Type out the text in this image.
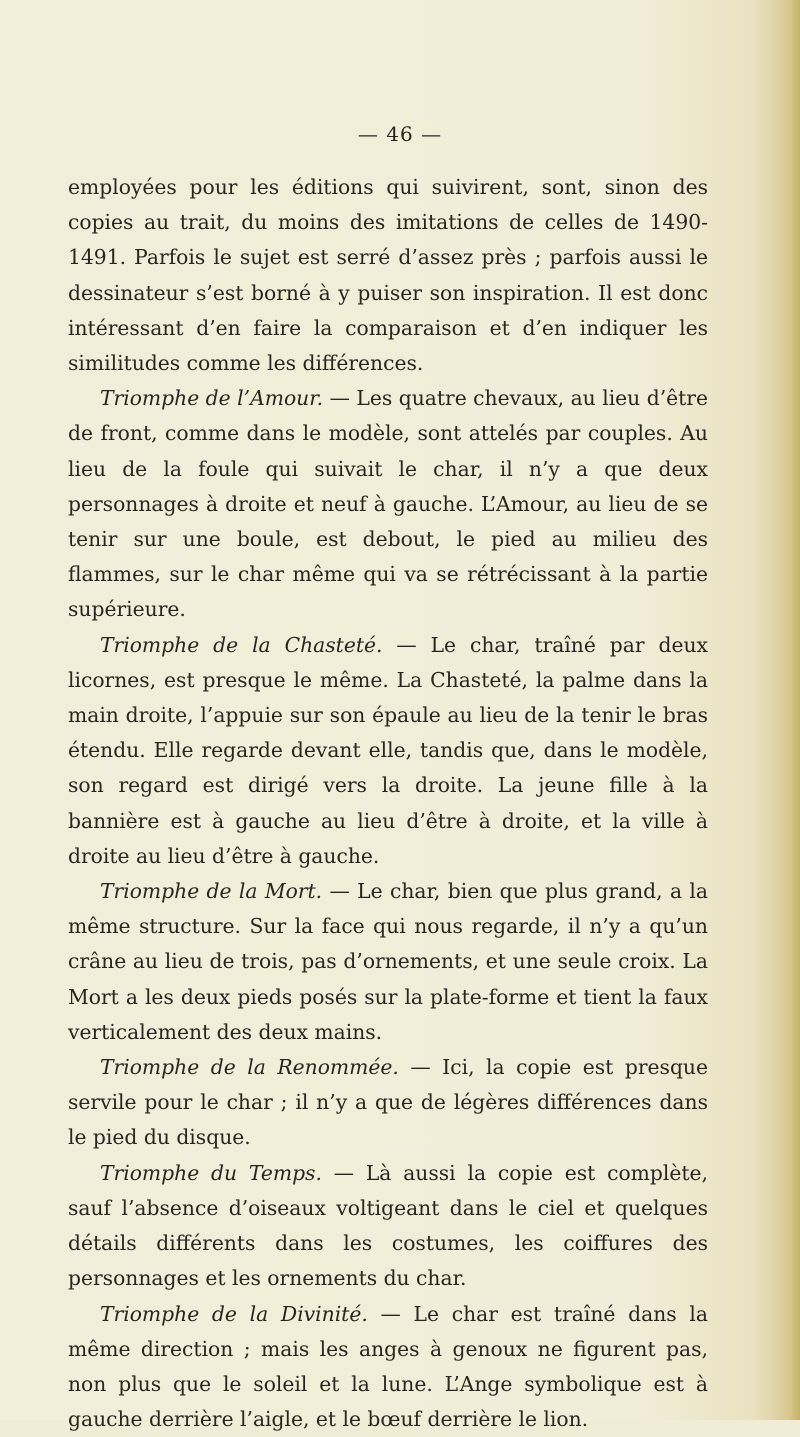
— 46 —

employées pour les éditions qui suivirent, sont, sinon des copies au trait, du moins des imitations de celles de 1490-1491. Parfois le sujet est serré d’assez près ; parfois aussi le dessinateur s’est borné à y puiser son inspiration. Il est donc intéressant d’en faire la comparaison et d’en indiquer les similitudes comme les différences.

Triomphe de l’Amour. — Les quatre chevaux, au lieu d’être de front, comme dans le modèle, sont attelés par couples. Au lieu de la foule qui suivait le char, il n’y a que deux personnages à droite et neuf à gauche. L’Amour, au lieu de se tenir sur une boule, est debout, le pied au milieu des flammes, sur le char même qui va se rétrécissant à la partie supérieure.

Triomphe de la Chasteté. — Le char, traîné par deux licornes, est presque le même. La Chasteté, la palme dans la main droite, l’appuie sur son épaule au lieu de la tenir le bras étendu. Elle regarde devant elle, tandis que, dans le modèle, son regard est dirigé vers la droite. La jeune fille à la bannière est à gauche au lieu d’être à droite, et la ville à droite au lieu d’être à gauche.

Triomphe de la Mort. — Le char, bien que plus grand, a la même structure. Sur la face qui nous regarde, il n’y a qu’un crâne au lieu de trois, pas d’ornements, et une seule croix. La Mort a les deux pieds posés sur la plate-forme et tient la faux verticalement des deux mains.

Triomphe de la Renommée. — Ici, la copie est presque servile pour le char ; il n’y a que de légères différences dans le pied du disque.

Triomphe du Temps. — Là aussi la copie est complète, sauf l’absence d’oiseaux voltigeant dans le ciel et quelques détails différents dans les costumes, les coiffures des personnages et les ornements du char.

Triomphe de la Divinité. — Le char est traîné dans la même direction ; mais les anges à genoux ne figurent pas, non plus que le soleil et la lune. L’Ange symbolique est à gauche derrière l’aigle, et le bœuf derrière le lion.
